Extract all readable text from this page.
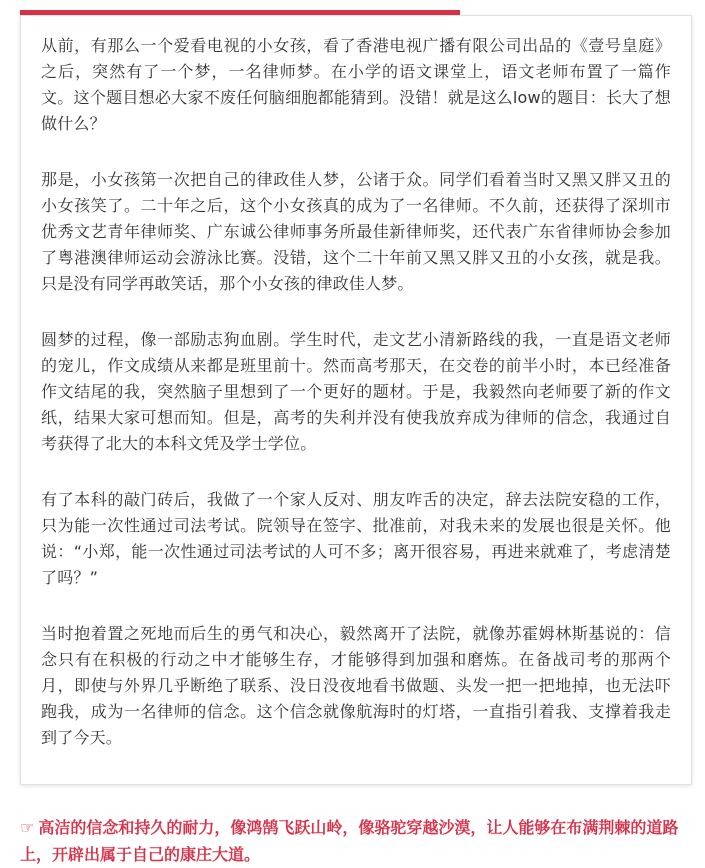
从前，有那么一个爱看电视的小女孩，看了香港电视广播有限公司出品的《壹号皇庭》之后，突然有了一个梦，一名律师梦。在小学的语文课堂上，语文老师布置了一篇作文。这个题目想必大家不废任何脑细胞都能猜到。没错！就是这么low的题目：长大了想做什么？

那是，小女孩第一次把自己的律政佳人梦，公诸于众。同学们看着当时又黑又胖又丑的小女孩笑了。二十年之后，这个小女孩真的成为了一名律师。不久前，还获得了深圳市优秀文艺青年律师奖、广东诚公律师事务所最佳新律师奖，还代表广东省律师协会参加了粤港澳律师运动会游泳比赛。没错，这个二十年前又黑又胖又丑的小女孩，就是我。只是没有同学再敢笑话，那个小女孩的律政佳人梦。

圆梦的过程，像一部励志狗血剧。学生时代，走文艺小清新路线的我，一直是语文老师的宠儿，作文成绩从来都是班里前十。然而高考那天，在交卷的前半小时，本已经准备作文结尾的我，突然脑子里想到了一个更好的题材。于是，我毅然向老师要了新的作文纸，结果大家可想而知。但是，高考的失利并没有使我放弃成为律师的信念，我通过自考获得了北大的本科文凭及学士学位。

有了本科的敲门砖后，我做了一个家人反对、朋友咋舌的决定，辞去法院安稳的工作，只为能一次性通过司法考试。院领导在签字、批准前，对我未来的发展也很是关怀。他说：“小郑，能一次性通过司法考试的人可不多；离开很容易，再进来就难了，考虑清楚了吗？”

当时抱着置之死地而后生的勇气和决心，毅然离开了法院，就像苏霍姆林斯基说的：信念只有在积极的行动之中才能够生存，才能够得到加强和磨炼。在备战司考的那两个月，即使与外界几乎断绝了联系、没日没夜地看书做题、头发一把一把地掉，也无法吓跑我，成为一名律师的信念。这个信念就像航海时的灯塔，一直指引着我、支撑着我走到了今天。

☞ 高洁的信念和持久的耐力，像鸿鹄飞跃山岭，像骆驼穿越沙漠，让人能够在布满荆棘的道路上，开辟出属于自己的康庄大道。
